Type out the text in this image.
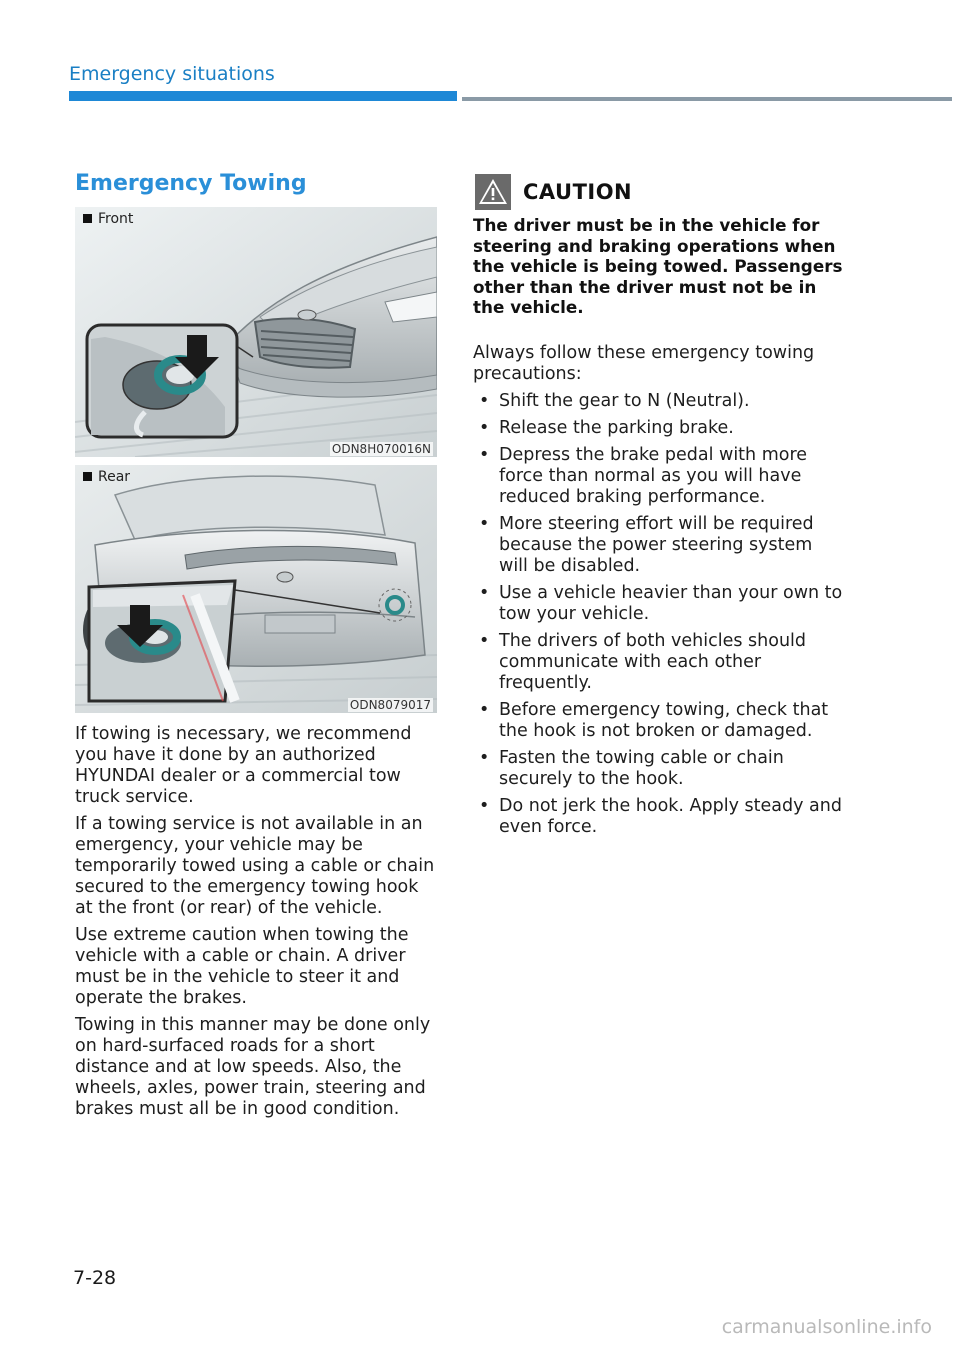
Emergency situations
Emergency Towing
Front
ODN8H070016N
Rear
ODN8079017

If towing is necessary, we recommend you have it done by an authorized HYUNDAI dealer or a commercial tow truck service.

If a towing service is not available in an emergency, your vehicle may be temporarily towed using a cable or chain secured to the emergency towing hook at the front (or rear) of the vehicle.

Use extreme caution when towing the vehicle with a cable or chain. A driver must be in the vehicle to steer it and operate the brakes.

Towing in this manner may be done only on hard-surfaced roads for a short distance and at low speeds. Also, the wheels, axles, power train, steering and brakes must all be in good condition.

CAUTION
The driver must be in the vehicle for steering and braking operations when the vehicle is being towed. Passengers other than the driver must not be in the vehicle.

Always follow these emergency towing precautions:

• Shift the gear to N (Neutral).
• Release the parking brake.
• Depress the brake pedal with more force than normal as you will have reduced braking performance.
• More steering effort will be required because the power steering system will be disabled.
• Use a vehicle heavier than your own to tow your vehicle.
• The drivers of both vehicles should communicate with each other frequently.
• Before emergency towing, check that the hook is not broken or damaged.
• Fasten the towing cable or chain securely to the hook.
• Do not jerk the hook. Apply steady and even force.
7-28
carmanualsonline.info
